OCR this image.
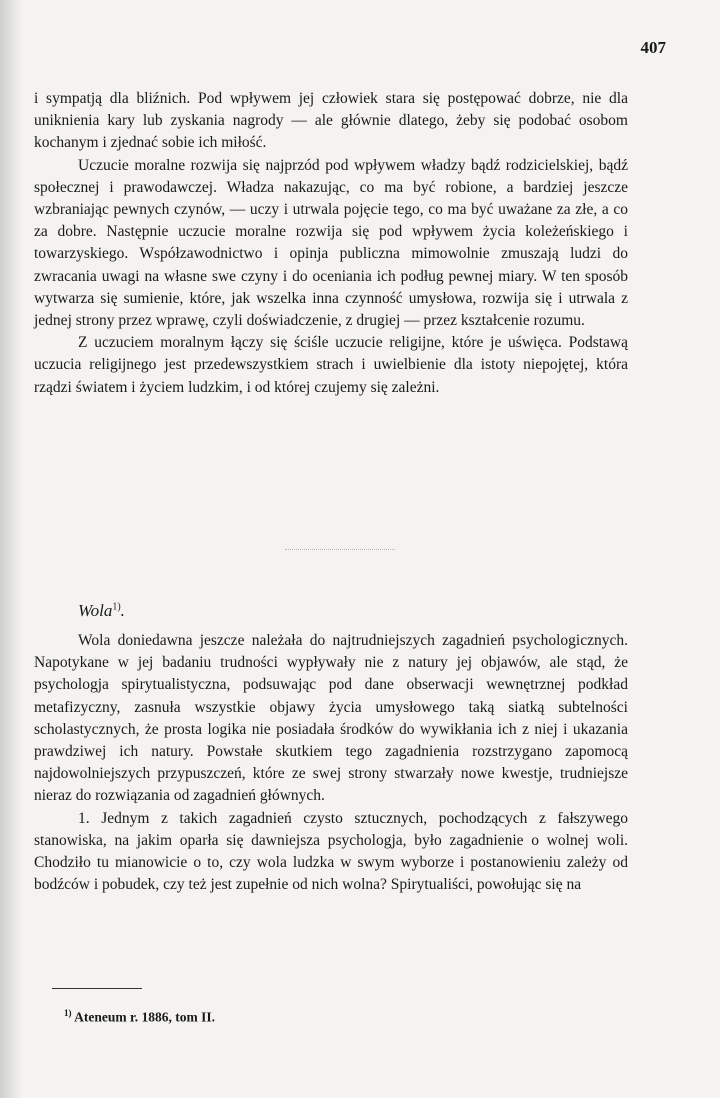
407

i sympatją dla bliźnich. Pod wpływem jej człowiek stara się postępować dobrze, nie dla uniknienia kary lub zyskania nagrody — ale głównie dlatego, żeby się podobać osobom kochanym i zjednać sobie ich miłość.

Uczucie moralne rozwija się najprzód pod wpływem władzy bądź rodzicielskiej, bądź społecznej i prawodawczej. Władza nakazując, co ma być robione, a bardziej jeszcze wzbraniając pewnych czynów, — uczy i utrwala pojęcie tego, co ma być uważane za złe, a co za dobre. Następnie uczucie moralne rozwija się pod wpływem życia koleżeńskiego i towarzyskiego. Współzawodnictwo i opinja publiczna mimowolnie zmuszają ludzi do zwracania uwagi na własne swe czyny i do oceniania ich podług pewnej miary. W ten sposób wytwarza się sumienie, które, jak wszelka inna czynność umysłowa, rozwija się i utrwala z jednej strony przez wprawę, czyli doświadczenie, z drugiej — przez kształcenie rozumu.

Z uczuciem moralnym łączy się ściśle uczucie religijne, które je uświęca. Podstawą uczucia religijnego jest przedewszystkiem strach i uwielbienie dla istoty niepojętej, która rządzi światem i życiem ludzkim, i od której czujemy się zależni.

Wola$^{1)}$.

Wola doniedawna jeszcze należała do najtrudniejszych zagadnień psychologicznych. Napotykane w jej badaniu trudności wypływały nie z natury jej objawów, ale stąd, że psychologja spirytualistyczna, podsuwając pod dane obserwacji wewnętrznej podkład metafizyczny, zasnuła wszystkie objawy życia umysłowego taką siatką subtelności scholastycznych, że prosta logika nie posiadała środków do wywikłania ich z niej i ukazania prawdziwej ich natury. Powstałe skutkiem tego zagadnienia rozstrzygano zapomocą najdowolniejszych przypuszczeń, które ze swej strony stwarzały nowe kwestje, trudniejsze nieraz do rozwiązania od zagadnień głównych.

1. Jednym z takich zagadnień czysto sztucznych, pochodzących z fałszywego stanowiska, na jakim oparła się dawniejsza psychologja, było zagadnienie o wolnej woli. Chodziło tu mianowicie o to, czy wola ludzka w swym wyborze i postanowieniu zależy od bodźców i pobudek, czy też jest zupełnie od nich wolna? Spirytualiści, powołując się na

$^{1)}$ Ateneum r. 1886, tom II.
